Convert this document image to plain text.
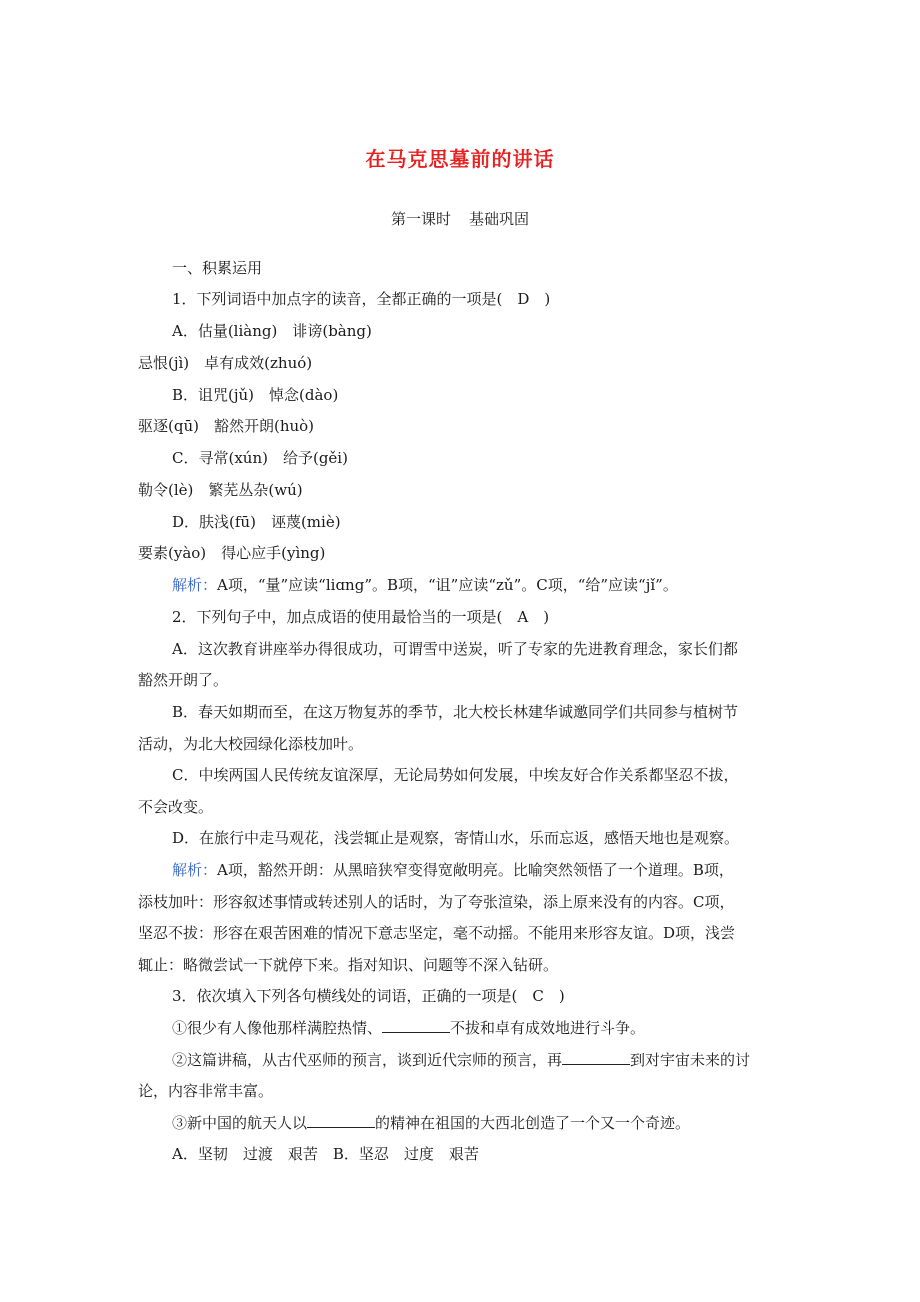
在马克思墓前的讲话
第一课时 基础巩固
一、积累运用
1．下列词语中加点字的读音，全都正确的一项是(　D　)
A．估量(liàng)　诽谤(bàng)
忌恨(jì)　卓有成效(zhuó)
B．诅咒(jǔ)　悼念(dào)
驱逐(qū)　豁然开朗(huò)
C．寻常(xún)　给予(gěi)
勒令(lè)　繁芜丛杂(wú)
D．肤浅(fū)　诬蔑(miè)
要素(yào)　得心应手(yìng)
解析：A项，“量”应读“liɑng”。B项，“诅”应读“zǔ”。C项，“给”应读“jǐ”。
2．下列句子中，加点成语的使用最恰当的一项是(　A　)
A．这次教育讲座举办得很成功，可谓雪中送炭，听了专家的先进教育理念，家长们都
豁然开朗了。
B．春天如期而至，在这万物复苏的季节，北大校长林建华诚邀同学们共同参与植树节
活动，为北大校园绿化添枝加叶。
C．中埃两国人民传统友谊深厚，无论局势如何发展，中埃友好合作关系都坚忍不拔，
不会改变。
D．在旅行中走马观花，浅尝辄止是观察，寄情山水，乐而忘返，感悟天地也是观察。
解析：A项，豁然开朗：从黑暗狭窄变得宽敞明亮。比喻突然领悟了一个道理。B项，
添枝加叶：形容叙述事情或转述别人的话时，为了夸张渲染，添上原来没有的内容。C项，
坚忍不拔：形容在艰苦困难的情况下意志坚定，毫不动摇。不能用来形容友谊。D项，浅尝
辄止：略微尝试一下就停下来。指对知识、问题等不深入钻研。
3．依次填入下列各句横线处的词语，正确的一项是(　C　)
①很少有人像他那样满腔热情、	不拔和卓有成效地进行斗争。
②这篇讲稿，从古代巫师的预言，谈到近代宗师的预言，再	到对宇宙未来的讨
论，内容非常丰富。
③新中国的航天人以	的精神在祖国的大西北创造了一个又一个奇迹。
A．坚韧　过渡　艰苦　B．坚忍　过度　艰苦
